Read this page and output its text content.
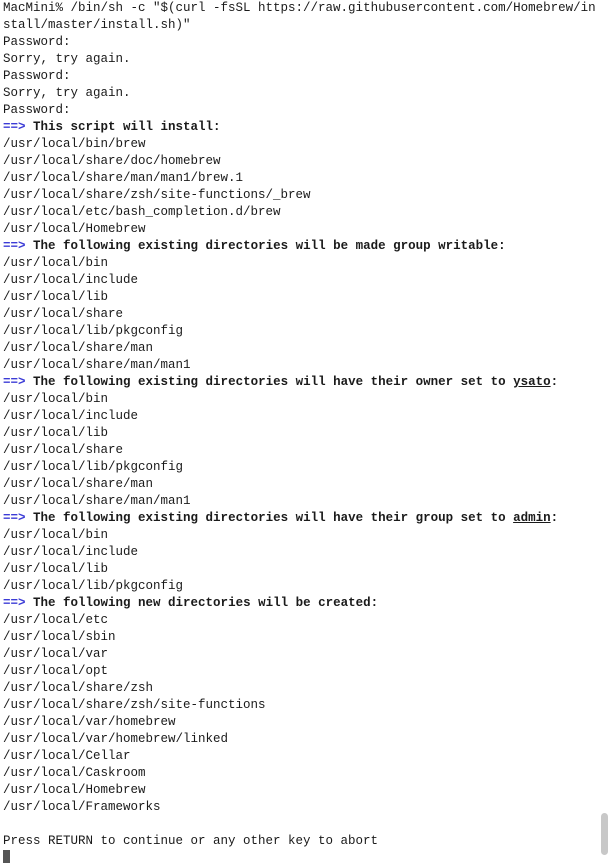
MacMini% /bin/sh -c "$(curl -fsSL https://raw.githubusercontent.com/Homebrew/install/master/install.sh)"
Password:
Sorry, try again.
Password:
Sorry, try again.
Password:
==> This script will install:
/usr/local/bin/brew
/usr/local/share/doc/homebrew
/usr/local/share/man/man1/brew.1
/usr/local/share/zsh/site-functions/_brew
/usr/local/etc/bash_completion.d/brew
/usr/local/Homebrew
==> The following existing directories will be made group writable:
/usr/local/bin
/usr/local/include
/usr/local/lib
/usr/local/share
/usr/local/lib/pkgconfig
/usr/local/share/man
/usr/local/share/man/man1
==> The following existing directories will have their owner set to ysato:
/usr/local/bin
/usr/local/include
/usr/local/lib
/usr/local/share
/usr/local/lib/pkgconfig
/usr/local/share/man
/usr/local/share/man/man1
==> The following existing directories will have their group set to admin:
/usr/local/bin
/usr/local/include
/usr/local/lib
/usr/local/lib/pkgconfig
==> The following new directories will be created:
/usr/local/etc
/usr/local/sbin
/usr/local/var
/usr/local/opt
/usr/local/share/zsh
/usr/local/share/zsh/site-functions
/usr/local/var/homebrew
/usr/local/var/homebrew/linked
/usr/local/Cellar
/usr/local/Caskroom
/usr/local/Homebrew
/usr/local/Frameworks
Press RETURN to continue or any other key to abort
